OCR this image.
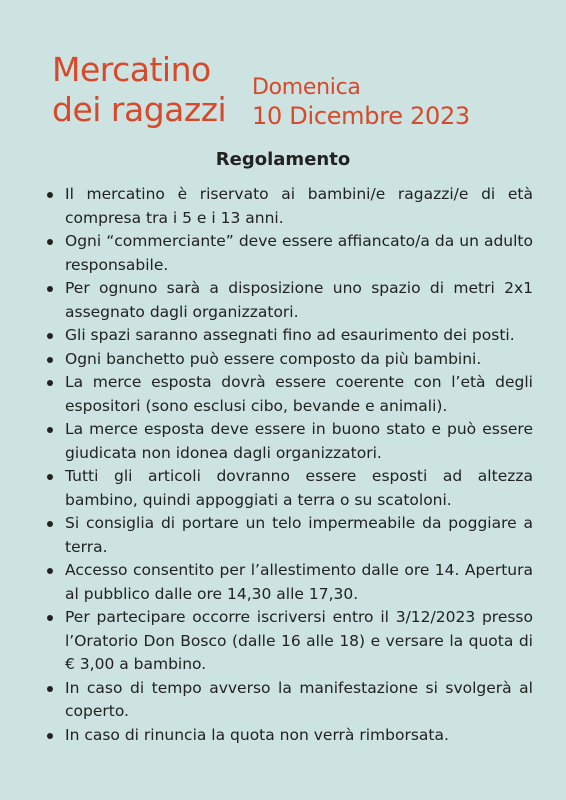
Mercatino
dei ragazzi
Domenica
10 Dicembre 2023
Regolamento
Il mercatino è riservato ai bambini/e ragazzi/e di età compresa tra i 5 e i 13 anni.
Ogni “commerciante” deve essere affiancato/a da un adulto responsabile.
Per ognuno sarà a disposizione uno spazio di metri 2x1 assegnato dagli organizzatori.
Gli spazi saranno assegnati fino ad esaurimento dei posti.
Ogni banchetto può essere composto da più bambini.
La merce esposta dovrà essere coerente con l’età degli espositori (sono esclusi cibo, bevande e animali).
La merce esposta deve essere in buono stato e può essere giudicata non idonea dagli organizzatori.
Tutti gli articoli dovranno essere esposti ad altezza bambino, quindi appoggiati a terra o su scatoloni.
Si consiglia di portare un telo impermeabile da poggiare a terra.
Accesso consentito per l’allestimento dalle ore 14. Apertura al pubblico dalle ore 14,30 alle 17,30.
Per partecipare occorre iscriversi entro il 3/12/2023 presso l’Oratorio Don Bosco (dalle 16 alle 18) e versare la quota di € 3,00 a bambino.
In caso di tempo avverso la manifestazione si svolgerà al coperto.
In caso di rinuncia la quota non verrà rimborsata.
